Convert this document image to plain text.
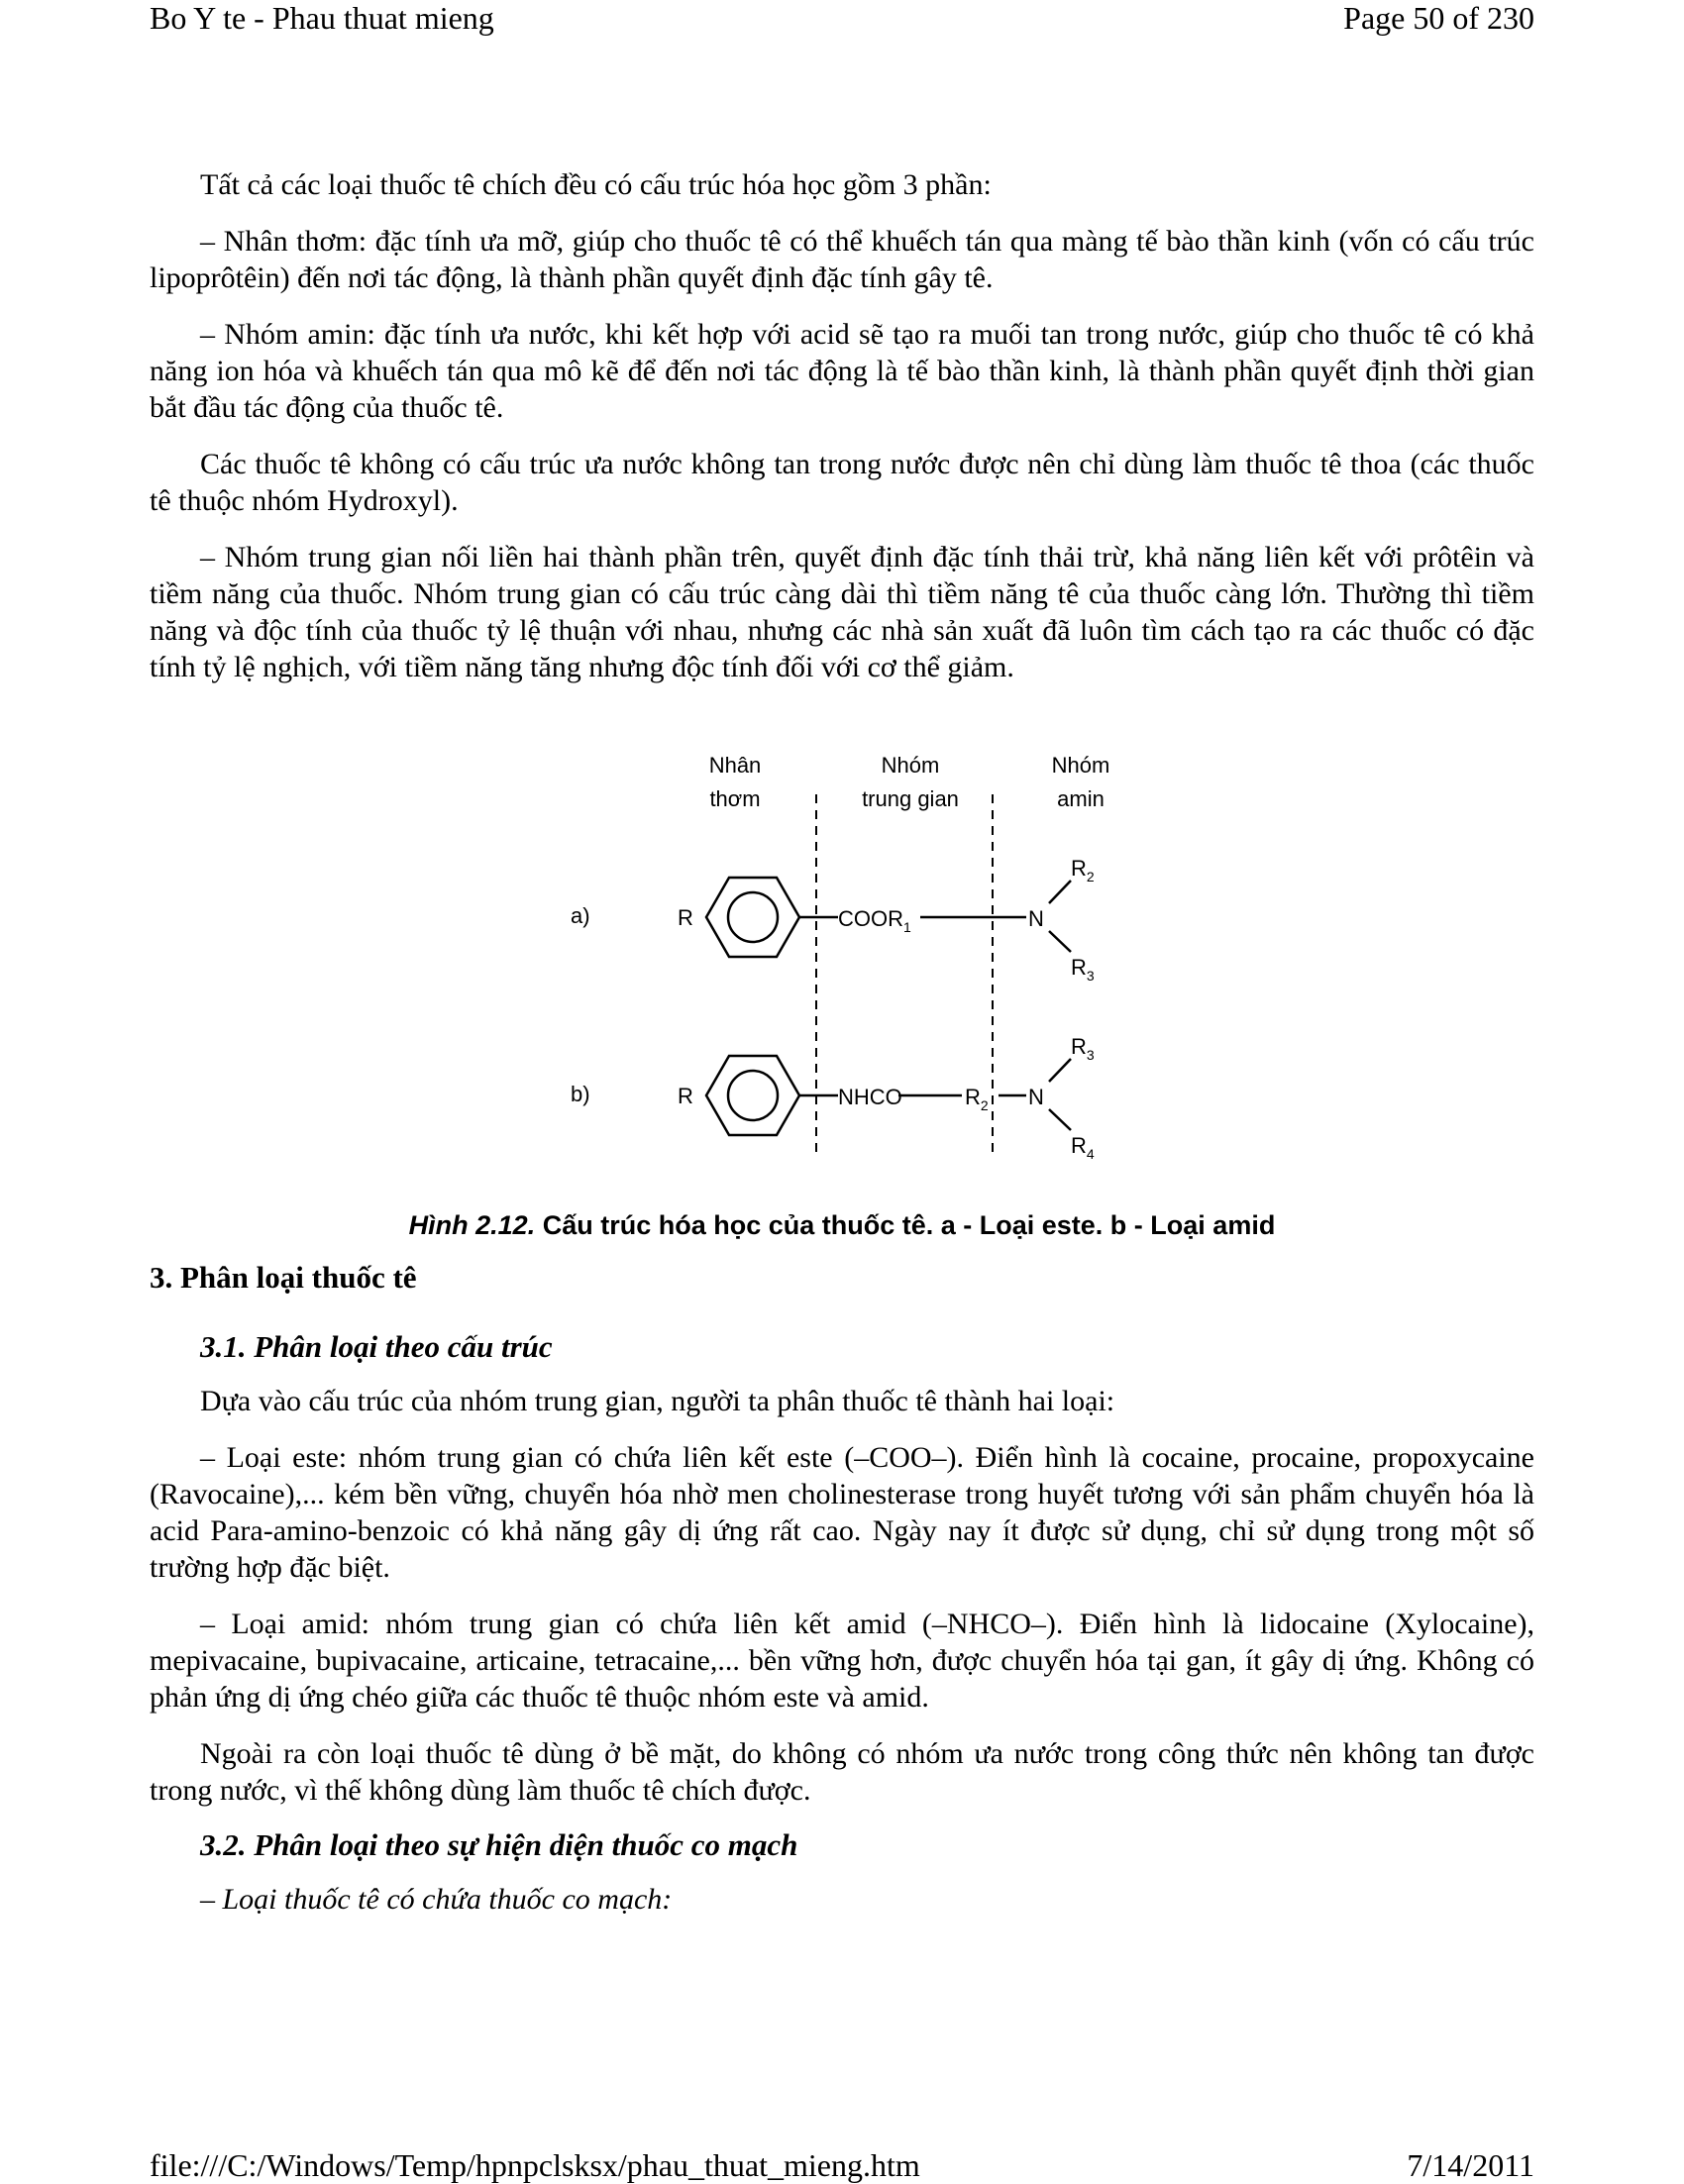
Bo Y te - Phau thuat mieng	Page 50 of 230

Tất cả các loại thuốc tê chích đều có cấu trúc hóa học gồm 3 phần:

– Nhân thơm: đặc tính ưa mỡ, giúp cho thuốc tê có thể khuếch tán qua màng tế bào thần kinh (vốn có cấu trúc lipoprôtêin) đến nơi tác động, là thành phần quyết định đặc tính gây tê.

– Nhóm amin: đặc tính ưa nước, khi kết hợp với acid sẽ tạo ra muối tan trong nước, giúp cho thuốc tê có khả năng ion hóa và khuếch tán qua mô kẽ để đến nơi tác động là tế bào thần kinh, là thành phần quyết định thời gian bắt đầu tác động của thuốc tê.

Các thuốc tê không có cấu trúc ưa nước không tan trong nước được nên chỉ dùng làm thuốc tê thoa (các thuốc tê thuộc nhóm Hydroxyl).

– Nhóm trung gian nối liền hai thành phần trên, quyết định đặc tính thải trừ, khả năng liên kết với prôtêin và tiềm năng của thuốc. Nhóm trung gian có cấu trúc càng dài thì tiềm năng tê của thuốc càng lớn. Thường thì tiềm năng và độc tính của thuốc tỷ lệ thuận với nhau, nhưng các nhà sản xuất đã luôn tìm cách tạo ra các thuốc có đặc tính tỷ lệ nghịch, với tiềm năng tăng nhưng độc tính đối với cơ thể giảm.

Nhân
thơm
Nhóm
trung gian
Nhóm
amin
a)	R	$COOR_1$	N
$R_2$
$R_3$
b)	R	NHCO	$R_2$ N
$R_3$
$R_4$
Hình 2.12. Cấu trúc hóa học của thuốc tê. a - Loại este. b - Loại amid
3. Phân loại thuốc tê
3.1. Phân loại theo cấu trúc

Dựa vào cấu trúc của nhóm trung gian, người ta phân thuốc tê thành hai loại:

– Loại este: nhóm trung gian có chứa liên kết este (–COO–). Điển hình là cocaine, procaine, propoxycaine (Ravocaine),... kém bền vững, chuyển hóa nhờ men cholinesterase trong huyết tương với sản phẩm chuyển hóa là acid Para-amino-benzoic có khả năng gây dị ứng rất cao. Ngày nay ít được sử dụng, chỉ sử dụng trong một số trường hợp đặc biệt.

– Loại amid: nhóm trung gian có chứa liên kết amid (–NHCO–). Điển hình là lidocaine (Xylocaine), mepivacaine, bupivacaine, articaine, tetracaine,... bền vững hơn, được chuyển hóa tại gan, ít gây dị ứng. Không có phản ứng dị ứng chéo giữa các thuốc tê thuộc nhóm este và amid.

Ngoài ra còn loại thuốc tê dùng ở bề mặt, do không có nhóm ưa nước trong công thức nên không tan được trong nước, vì thế không dùng làm thuốc tê chích được.

3.2. Phân loại theo sự hiện diện thuốc co mạch

– Loại thuốc tê có chứa thuốc co mạch:

file:///C:/Windows/Temp/hpnpclsksx/phau_thuat_mieng.htm	7/14/2011
